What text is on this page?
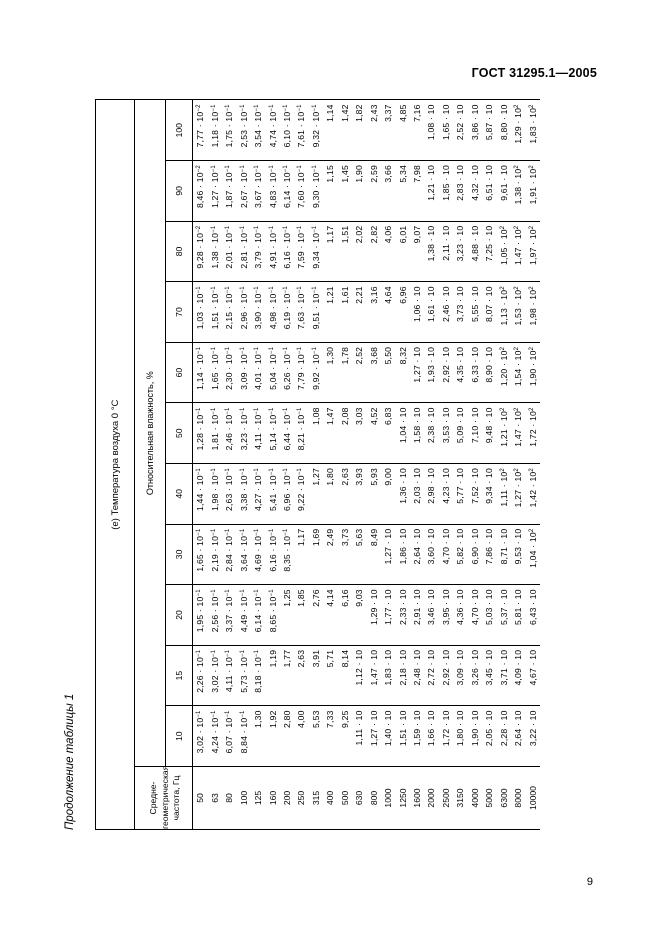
ГОСТ 31295.1—2005
Продолжение таблицы 1
(е) Температура воздуха 0 °С											
Средне-геометрическая частота, Гц	Относительная влажность, %										
	10	15	20	30	40	50	60	70	80	90	100
50	$3,02 \cdot 10^{-1}$	$2,26 \cdot 10^{-1}$	$1,95 \cdot 10^{-1}$	$1,65 \cdot 10^{-1}$	$1,44 \cdot 10^{-1}$	$1,28 \cdot 10^{-1}$	$1,14 \cdot 10^{-1}$	$1,03 \cdot 10^{-1}$	$9,28 \cdot 10^{-2}$	$8,46 \cdot 10^{-2}$	$7,77 \cdot 10^{-2}$
63	$4,24 \cdot 10^{-1}$	$3,02 \cdot 10^{-1}$	$2,56 \cdot 10^{-1}$	$2,19 \cdot 10^{-1}$	$1,98 \cdot 10^{-1}$	$1,81 \cdot 10^{-1}$	$1,65 \cdot 10^{-1}$	$1,51 \cdot 10^{-1}$	$1,38 \cdot 10^{-1}$	$1,27 \cdot 10^{-1}$	$1,18 \cdot 10^{-1}$
80	$6,07 \cdot 10^{-1}$	$4,11 \cdot 10^{-1}$	$3,37 \cdot 10^{-1}$	$2,84 \cdot 10^{-1}$	$2,63 \cdot 10^{-1}$	$2,46 \cdot 10^{-1}$	$2,30 \cdot 10^{-1}$	$2,15 \cdot 10^{-1}$	$2,01 \cdot 10^{-1}$	$1,87 \cdot 10^{-1}$	$1,75 \cdot 10^{-1}$
100	$8,84 \cdot 10^{-1}$	$5,73 \cdot 10^{-1}$	$4,49 \cdot 10^{-1}$	$3,64 \cdot 10^{-1}$	$3,38 \cdot 10^{-1}$	$3,23 \cdot 10^{-1}$	$3,09 \cdot 10^{-1}$	$2,96 \cdot 10^{-1}$	$2,81 \cdot 10^{-1}$	$2,67 \cdot 10^{-1}$	$2,53 \cdot 10^{-1}$
125	1,30	$8,18 \cdot 10^{-1}$	$6,14 \cdot 10^{-1}$	$4,69 \cdot 10^{-1}$	$4,27 \cdot 10^{-1}$	$4,11 \cdot 10^{-1}$	$4,01 \cdot 10^{-1}$	$3,90 \cdot 10^{-1}$	$3,79 \cdot 10^{-1}$	$3,67 \cdot 10^{-1}$	$3,54 \cdot 10^{-1}$
160	1,92	1,19	$8,65 \cdot 10^{-1}$	$6,16 \cdot 10^{-1}$	$5,41 \cdot 10^{-1}$	$5,14 \cdot 10^{-1}$	$5,04 \cdot 10^{-1}$	$4,98 \cdot 10^{-1}$	$4,91 \cdot 10^{-1}$	$4,83 \cdot 10^{-1}$	$4,74 \cdot 10^{-1}$
200	2,80	1,77	1,25	$8,35 \cdot 10^{-1}$	$6,96 \cdot 10^{-1}$	$6,44 \cdot 10^{-1}$	$6,26 \cdot 10^{-1}$	$6,19 \cdot 10^{-1}$	$6,16 \cdot 10^{-1}$	$6,14 \cdot 10^{-1}$	$6,10 \cdot 10^{-1}$
250	4,00	2,63	1,85	1,17	$9,22 \cdot 10^{-1}$	$8,21 \cdot 10^{-1}$	$7,79 \cdot 10^{-1}$	$7,63 \cdot 10^{-1}$	$7,59 \cdot 10^{-1}$	$7,60 \cdot 10^{-1}$	$7,61 \cdot 10^{-1}$
315	5,53	3,91	2,76	1,69	1,27	1,08	$9,92 \cdot 10^{-1}$	$9,51 \cdot 10^{-1}$	$9,34 \cdot 10^{-1}$	$9,30 \cdot 10^{-1}$	$9,32 \cdot 10^{-1}$
400	7,33	5,71	4,14	2,49	1,80	1,47	1,30	1,21	1,17	1,15	1,14
500	9,25	8,14	6,16	3,73	2,63	2,08	1,78	1,61	1,51	1,45	1,42
630	1,11 · 10	1,12 · 10	9,03	5,63	3,93	3,03	2,52	2,21	2,02	1,90	1,82
800	1,27 · 10	1,47 · 10	1,29 · 10	8,49	5,93	4,52	3,68	3,16	2,82	2,59	2,43
1000	1,40 · 10	1,83 · 10	1,77 · 10	1,27 · 10	9,00	6,83	5,50	4,64	4,06	3,66	3,37
1250	1,51 · 10	2,18 · 10	2,33 · 10	1,86 · 10	1,36 · 10	1,04 · 10	8,32	6,96	6,01	5,34	4,85
1600	1,59 · 10	2,48 · 10	2,91 · 10	2,64 · 10	2,03 · 10	1,58 · 10	1,27 · 10	1,06 · 10	9,07	7,98	7,16
2000	1,66 · 10	2,72 · 10	3,46 · 10	3,60 · 10	2,98 · 10	2,38 · 10	1,93 · 10	1,61 · 10	1,38 · 10	1,21 · 10	1,08 · 10
2500	1,72 · 10	2,92 · 10	3,95 · 10	4,70 · 10	4,23 · 10	3,53 · 10	2,92 · 10	2,46 · 10	2,11 · 10	1,85 · 10	1,65 · 10
3150	1,80 · 10	3,09 · 10	4,36 · 10	5,82 · 10	5,77 · 10	5,09 · 10	4,35 · 10	3,73 · 10	3,23 · 10	2,83 · 10	2,52 · 10
4000	1,90 · 10	3,26 · 10	4,70 · 10	6,90 · 10	7,52 · 10	7,10 · 10	6,33 · 10	5,55 · 10	4,88 · 10	4,32 · 10	3,86 · 10
5000	2,05 · 10	3,45 · 10	5,03 · 10	7,86 · 10	9,34 · 10	9,48 · 10	8,90 · 10	8,07 · 10	7,25 · 10	6,51 · 10	5,87 · 10
6300	2,28 · 10	3,71 · 10	5,37 · 10	8,71 · 10	$1,11 \cdot 10^2$	$1,21 \cdot 10^2$	$1,20 \cdot 10^2$	$1,13 \cdot 10^2$	$1,05 \cdot 10^2$	9,61 · 10	8,80 · 10
8000	2,64 · 10	4,09 · 10	5,81 · 10	9,53 · 10	$1,27 \cdot 10^2$	$1,47 \cdot 10^2$	$1,54 \cdot 10^2$	$1,53 \cdot 10^2$	$1,47 \cdot 10^2$	$1,38 \cdot 10^2$	$1,29 \cdot 10^2$
10000	3,22 · 10	4,67 · 10	6,43 · 10	$1,04 \cdot 10^2$	$1,42 \cdot 10^2$	$1,72 \cdot 10^2$	$1,90 \cdot 10^2$	$1,98 \cdot 10^2$	$1,97 \cdot 10^2$	$1,91 \cdot 10^2$	$1,83 \cdot 10^2$
9
